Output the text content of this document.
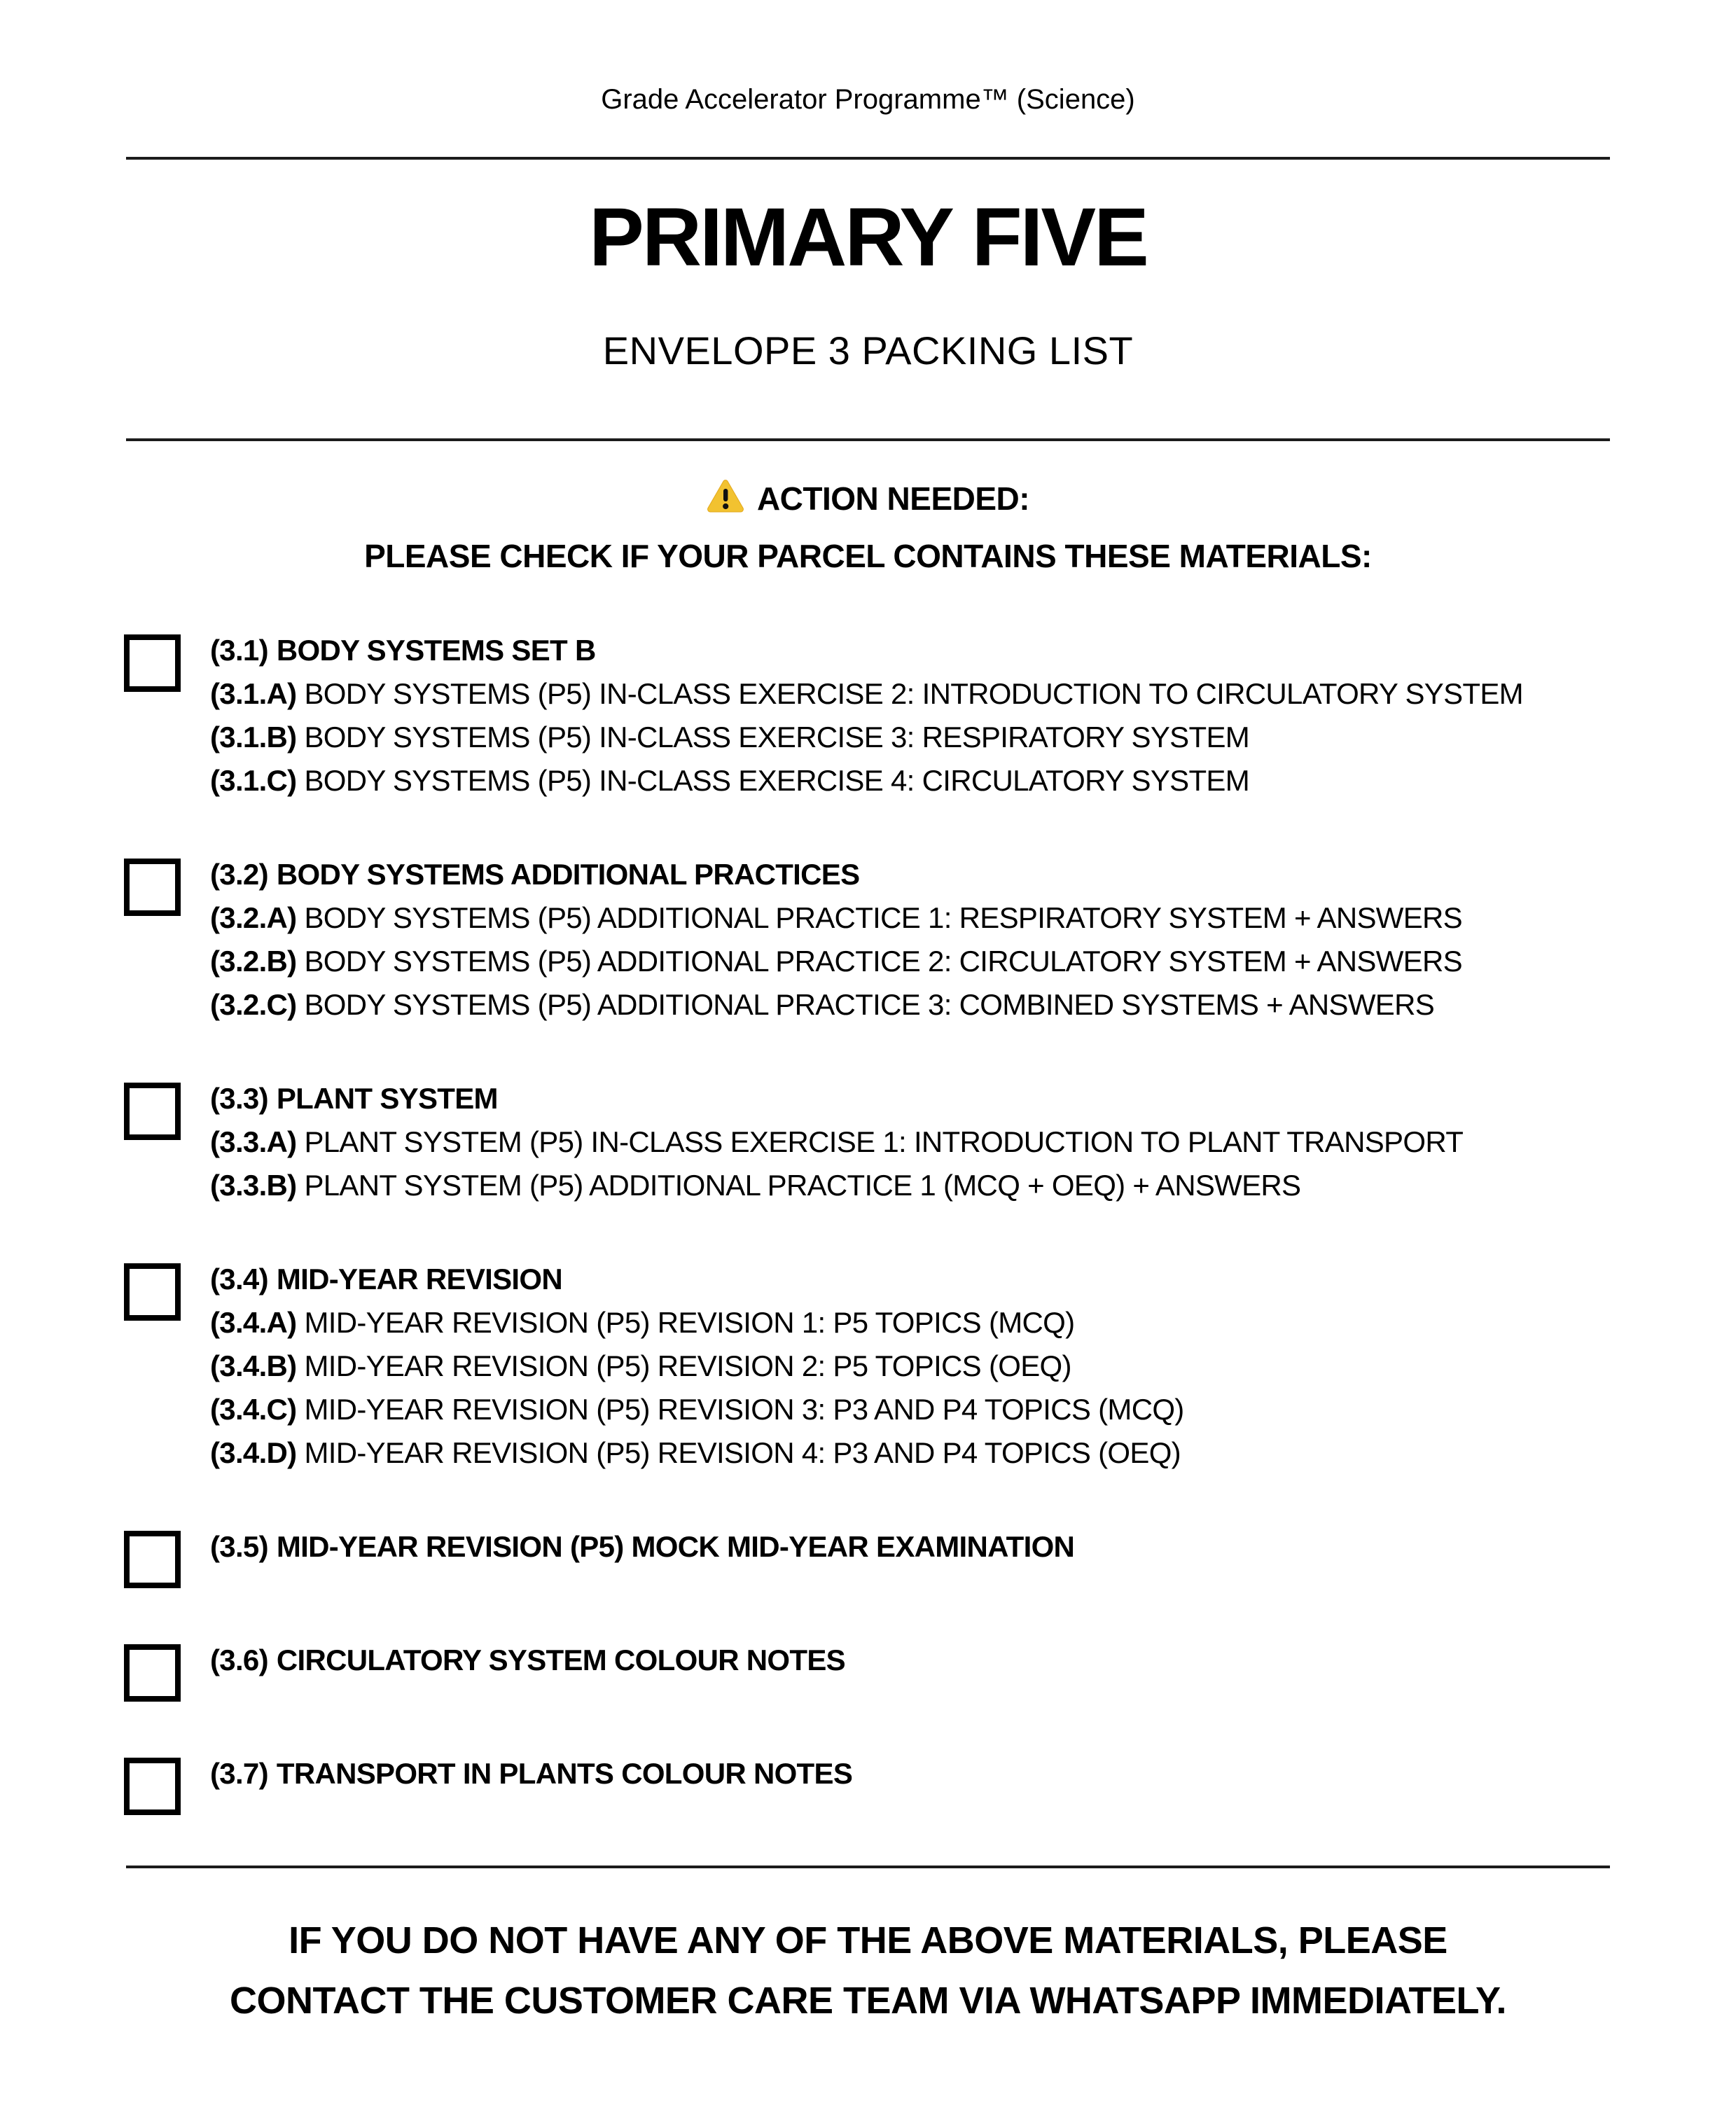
Grade Accelerator Programme™ (Science)
PRIMARY FIVE
ENVELOPE 3 PACKING LIST
ACTION NEEDED:
PLEASE CHECK IF YOUR PARCEL CONTAINS THESE MATERIALS:
(3.1) BODY SYSTEMS SET B
(3.1.A) BODY SYSTEMS (P5) IN-CLASS EXERCISE 2: INTRODUCTION TO CIRCULATORY SYSTEM
(3.1.B) BODY SYSTEMS (P5) IN-CLASS EXERCISE 3: RESPIRATORY SYSTEM
(3.1.C) BODY SYSTEMS (P5) IN-CLASS EXERCISE 4: CIRCULATORY SYSTEM
(3.2) BODY SYSTEMS ADDITIONAL PRACTICES
(3.2.A) BODY SYSTEMS (P5) ADDITIONAL PRACTICE 1: RESPIRATORY SYSTEM + ANSWERS
(3.2.B) BODY SYSTEMS (P5) ADDITIONAL PRACTICE 2: CIRCULATORY SYSTEM + ANSWERS
(3.2.C) BODY SYSTEMS (P5) ADDITIONAL PRACTICE 3: COMBINED SYSTEMS + ANSWERS
(3.3) PLANT SYSTEM
(3.3.A) PLANT SYSTEM (P5) IN-CLASS EXERCISE 1: INTRODUCTION TO PLANT TRANSPORT
(3.3.B) PLANT SYSTEM (P5) ADDITIONAL PRACTICE 1 (MCQ + OEQ) + ANSWERS
(3.4) MID-YEAR REVISION
(3.4.A) MID-YEAR REVISION (P5) REVISION 1: P5 TOPICS (MCQ)
(3.4.B) MID-YEAR REVISION (P5) REVISION 2: P5 TOPICS (OEQ)
(3.4.C) MID-YEAR REVISION (P5) REVISION 3: P3 AND P4 TOPICS (MCQ)
(3.4.D) MID-YEAR REVISION (P5) REVISION 4: P3 AND P4 TOPICS (OEQ)
(3.5) MID-YEAR REVISION (P5) MOCK MID-YEAR EXAMINATION
(3.6) CIRCULATORY SYSTEM COLOUR NOTES
(3.7) TRANSPORT IN PLANTS COLOUR NOTES
IF YOU DO NOT HAVE ANY OF THE ABOVE MATERIALS, PLEASE
CONTACT THE CUSTOMER CARE TEAM VIA WHATSAPP IMMEDIATELY.
